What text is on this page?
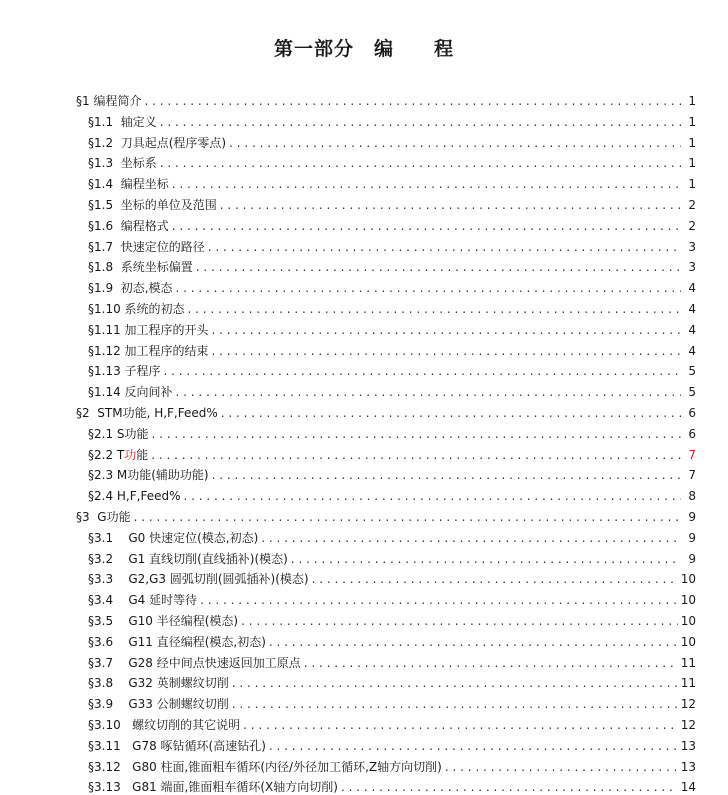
第一部分　编　　程
§1 编程简介 . . .	1
§1.1  轴定义 . . .	1
§1.2  刀具起点(程序零点) . . .	1
§1.3  坐标系 . . .	1
§1.4  编程坐标 . . .	1
§1.5  坐标的单位及范围 . . .	2
§1.6  编程格式 . . .	2
§1.7  快速定位的路径 . . .	3
§1.8  系统坐标偏置 . . .	3
§1.9  初态,模态 . . .	4
§1.10 系统的初态 . . .	4
§1.11 加工程序的开头 . . .	4
§1.12 加工程序的结束 . . .	4
§1.13 子程序 . . .	5
§1.14 反向间补 . . .	5
§2  STM功能, H,F,Feed% . . .	6
§2.1 S功能 . . .	6
§2.2 T功能 . . .	7
§2.3 M功能(辅助功能) . . .	7
§2.4 H,F,Feed% . . .	8
§3  G功能 . . .	9
§3.1    G0 快速定位(模态,初态) . . .	9
§3.2    G1 直线切削(直线插补)(模态) . . .	9
§3.3    G2,G3 圆弧切削(圆弧插补)(模态) . . .	10
§3.4    G4 延时等待 . . .	10
§3.5    G10 半径编程(模态) . . .	10
§3.6    G11 直径编程(模态,初态) . . .	10
§3.7    G28 经中间点快速返回加工原点 . . .	11
§3.8    G32 英制螺纹切削 . . .	11
§3.9    G33 公制螺纹切削 . . .	12
§3.10   螺纹切削的其它说明 . . .	12
§3.11   G78 啄钻循环(高速钻孔) . . .	13
§3.12   G80 柱面,锥面粗车循环(内径/外径加工循环,Z轴方向切削) . . .	13
§3.13   G81 端面,锥面粗车循环(X轴方向切削) . . .	14
